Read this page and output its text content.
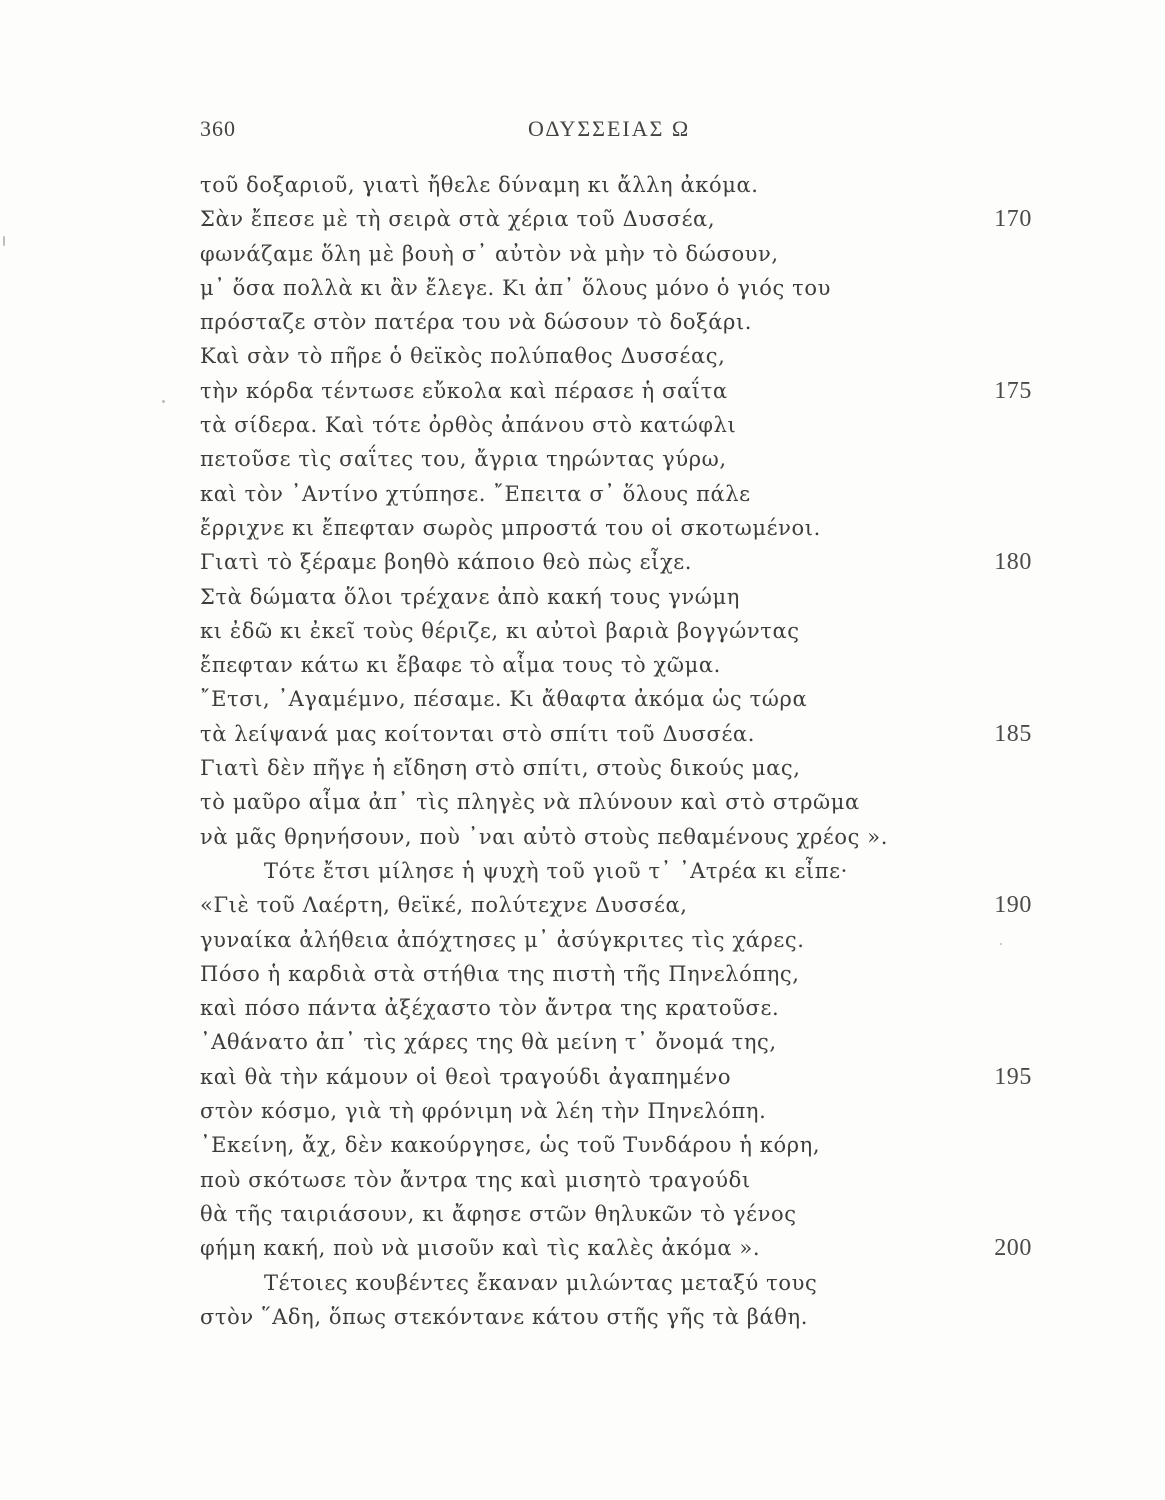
360	ΟΔΥΣΣΕΙΑΣ Ω
τοῦ δοξαριοῦ, γιατὶ ἤθελε δύναμη κι ἄλλη ἀκόμα.
Σὰν ἔπεσε μὲ τὴ σειρὰ στὰ χέρια τοῦ Δυσσέα,	170
φωνάζαμε ὅλη μὲ βουὴ σ᾽ αὐτὸν νὰ μὴν τὸ δώσουν,
μ᾽ ὅσα πολλὰ κι ἂν ἔλεγε. Κι ἀπ᾽ ὅλους μόνο ὁ γιός του
πρόσταζε στὸν πατέρα του νὰ δώσουν τὸ δοξάρι.
Καὶ σὰν τὸ πῆρε ὁ θεϊκὸς πολύπαθος Δυσσέας,
τὴν κόρδα τέντωσε εὔκολα καὶ πέρασε ἡ σαΐτα	175
τὰ σίδερα. Καὶ τότε ὀρθὸς ἀπάνου στὸ κατώφλι
πετοῦσε τὶς σαΐτες του, ἄγρια τηρώντας γύρω,
καὶ τὸν ᾽Αντίνο χτύπησε. ῎Επειτα σ᾽ ὅλους πάλε
ἔρριχνε κι ἔπεφταν σωρὸς μπροστά του οἱ σκοτωμένοι.
Γιατὶ τὸ ξέραμε βοηθὸ κάποιο θεὸ πὼς εἶχε.	180
Στὰ δώματα ὅλοι τρέχανε ἀπὸ κακή τους γνώμη
κι ἐδῶ κι ἐκεῖ τοὺς θέριζε, κι αὐτοὶ βαριὰ βογγώντας
ἔπεφταν κάτω κι ἔβαφε τὸ αἷμα τους τὸ χῶμα.
῎Ετσι, ᾽Αγαμέμνο, πέσαμε. Κι ἄθαφτα ἀκόμα ὡς τώρα
τὰ λείψανά μας κοίτονται στὸ σπίτι τοῦ Δυσσέα.	185
Γιατὶ δὲν πῆγε ἡ εἴδηση στὸ σπίτι, στοὺς δικούς μας,
τὸ μαῦρο αἷμα ἀπ᾽ τὶς πληγὲς νὰ πλύνουν καὶ στὸ στρῶμα
νὰ μᾶς θρηνήσουν, ποὺ ᾽ναι αὐτὸ στοὺς πεθαμένους χρέος ».
Τότε ἔτσι μίλησε ἡ ψυχὴ τοῦ γιοῦ τ᾽ ᾽Ατρέα κι εἶπε·
«Γιὲ τοῦ Λαέρτη, θεϊκέ, πολύτεχνε Δυσσέα,	190
γυναίκα ἀλήθεια ἀπόχτησες μ᾽ ἀσύγκριτες τὶς χάρες.
Πόσο ἡ καρδιὰ στὰ στήθια της πιστὴ τῆς Πηνελόπης,
καὶ πόσο πάντα ἀξέχαστο τὸν ἄντρα της κρατοῦσε.
᾽Αθάνατο ἀπ᾽ τὶς χάρες της θὰ μείνη τ᾽ ὄνομά της,
καὶ θὰ τὴν κάμουν οἱ θεοὶ τραγούδι ἀγαπημένο	195
στὸν κόσμο, γιὰ τὴ φρόνιμη νὰ λέη τὴν Πηνελόπη.
᾽Εκείνη, ἄχ, δὲν κακούργησε, ὡς τοῦ Τυνδάρου ἡ κόρη,
ποὺ σκότωσε τὸν ἄντρα της καὶ μισητὸ τραγούδι
θὰ τῆς ταιριάσουν, κι ἄφησε στῶν θηλυκῶν τὸ γένος
φήμη κακή, ποὺ νὰ μισοῦν καὶ τὶς καλὲς ἀκόμα ».	200
Τέτοιες κουβέντες ἔκαναν μιλώντας μεταξύ τους
στὸν ῞Αδη, ὅπως στεκόντανε κάτου στῆς γῆς τὰ βάθη.
